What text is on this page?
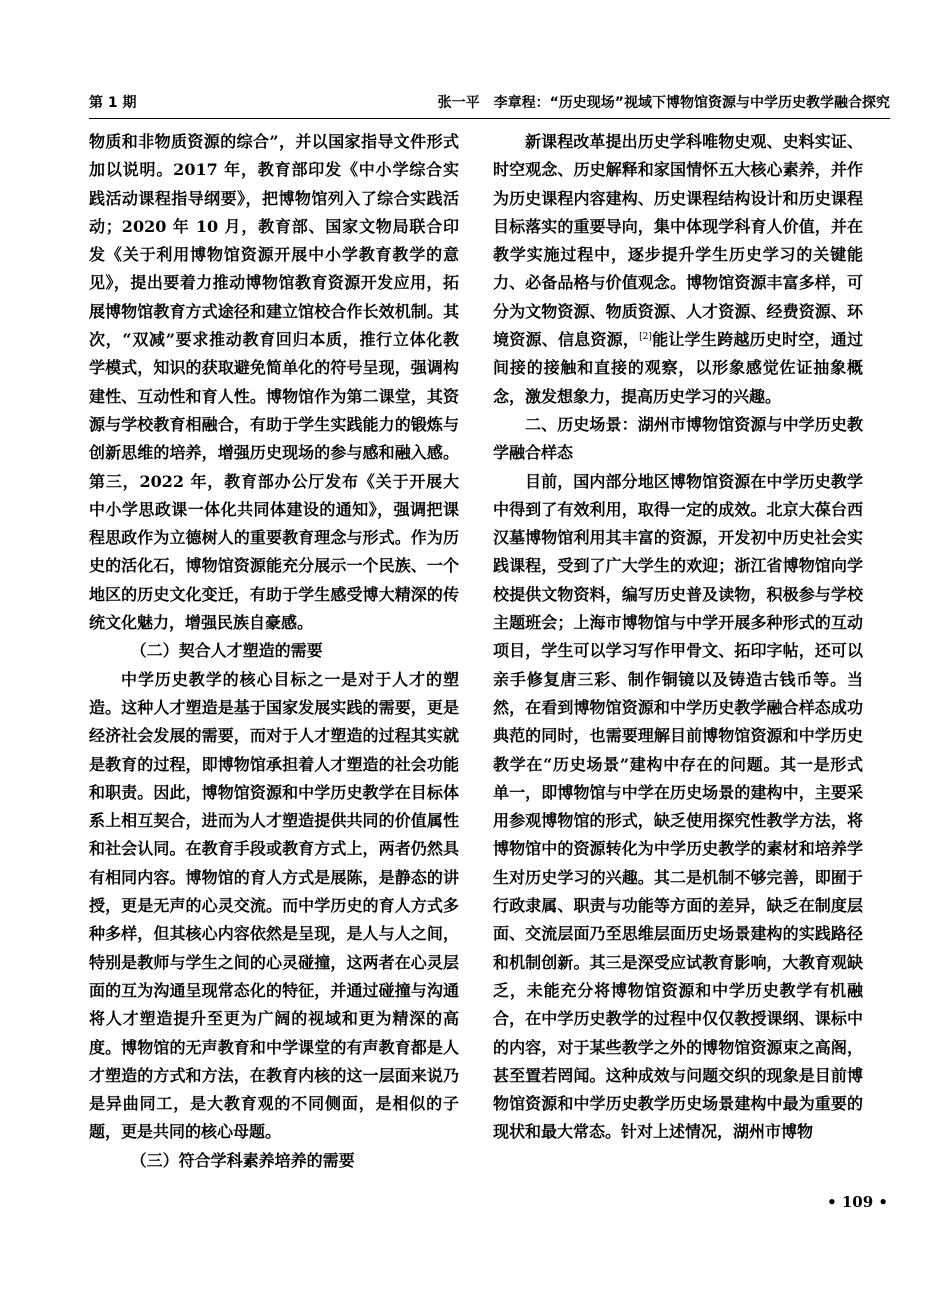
第 1 期	张一平　李章程：“历史现场”视域下博物馆资源与中学历史教学融合探究

物质和非物质资源的综合”，并以国家指导文件形式加以说明。2017 年，教育部印发《中小学综合实践活动课程指导纲要》，把博物馆列入了综合实践活动；2020 年 10 月，教育部、国家文物局联合印发《关于利用博物馆资源开展中小学教育教学的意见》，提出要着力推动博物馆教育资源开发应用，拓展博物馆教育方式途径和建立馆校合作长效机制。其次，“双减”要求推动教育回归本质，推行立体化教学模式，知识的获取避免简单化的符号呈现，强调构建性、互动性和育人性。博物馆作为第二课堂，其资源与学校教育相融合，有助于学生实践能力的锻炼与创新思维的培养，增强历史现场的参与感和融入感。第三，2022 年，教育部办公厅发布《关于开展大中小学思政课一体化共同体建设的通知》，强调把课程思政作为立德树人的重要教育理念与形式。作为历史的活化石，博物馆资源能充分展示一个民族、一个地区的历史文化变迁，有助于学生感受博大精深的传统文化魅力，增强民族自豪感。

（二）契合人才塑造的需要

中学历史教学的核心目标之一是对于人才的塑造。这种人才塑造是基于国家发展实践的需要，更是经济社会发展的需要，而对于人才塑造的过程其实就是教育的过程，即博物馆承担着人才塑造的社会功能和职责。因此，博物馆资源和中学历史教学在目标体系上相互契合，进而为人才塑造提供共同的价值属性和社会认同。在教育手段或教育方式上，两者仍然具有相同内容。博物馆的育人方式是展陈，是静态的讲授，更是无声的心灵交流。而中学历史的育人方式多种多样，但其核心内容依然是呈现，是人与人之间，特别是教师与学生之间的心灵碰撞，这两者在心灵层面的互为沟通呈现常态化的特征，并通过碰撞与沟通将人才塑造提升至更为广阔的视域和更为精深的高度。博物馆的无声教育和中学课堂的有声教育都是人才塑造的方式和方法，在教育内核的这一层面来说乃是异曲同工，是大教育观的不同侧面，是相似的子题，更是共同的核心母题。

（三）符合学科素养培养的需要

新课程改革提出历史学科唯物史观、史料实证、时空观念、历史解释和家国情怀五大核心素养，并作为历史课程内容建构、历史课程结构设计和历史课程目标落实的重要导向，集中体现学科育人价值，并在教学实施过程中，逐步提升学生历史学习的关键能力、必备品格与价值观念。博物馆资源丰富多样，可分为文物资源、物质资源、人才资源、经费资源、环境资源、信息资源，[2]能让学生跨越历史时空，通过间接的接触和直接的观察，以形象感觉佐证抽象概念，激发想象力，提高历史学习的兴趣。

二、历史场景：湖州市博物馆资源与中学历史教学融合样态

目前，国内部分地区博物馆资源在中学历史教学中得到了有效利用，取得一定的成效。北京大葆台西汉墓博物馆利用其丰富的资源，开发初中历史社会实践课程，受到了广大学生的欢迎；浙江省博物馆向学校提供文物资料，编写历史普及读物，积极参与学校主题班会；上海市博物馆与中学开展多种形式的互动项目，学生可以学习写作甲骨文、拓印字帖，还可以亲手修复唐三彩、制作铜镜以及铸造古钱币等。当然，在看到博物馆资源和中学历史教学融合样态成功典范的同时，也需要理解目前博物馆资源和中学历史教学在“历史场景”建构中存在的问题。其一是形式单一，即博物馆与中学在历史场景的建构中，主要采用参观博物馆的形式，缺乏使用探究性教学方法，将博物馆中的资源转化为中学历史教学的素材和培养学生对历史学习的兴趣。其二是机制不够完善，即囿于行政隶属、职责与功能等方面的差异，缺乏在制度层面、交流层面乃至思维层面历史场景建构的实践路径和机制创新。其三是深受应试教育影响，大教育观缺乏，未能充分将博物馆资源和中学历史教学有机融合，在中学历史教学的过程中仅仅教授课纲、课标中的内容，对于某些教学之外的博物馆资源束之高阁，甚至置若罔闻。这种成效与问题交织的现象是目前博物馆资源和中学历史教学历史场景建构中最为重要的现状和最大常态。针对上述情况，湖州市博物

• 109 •
